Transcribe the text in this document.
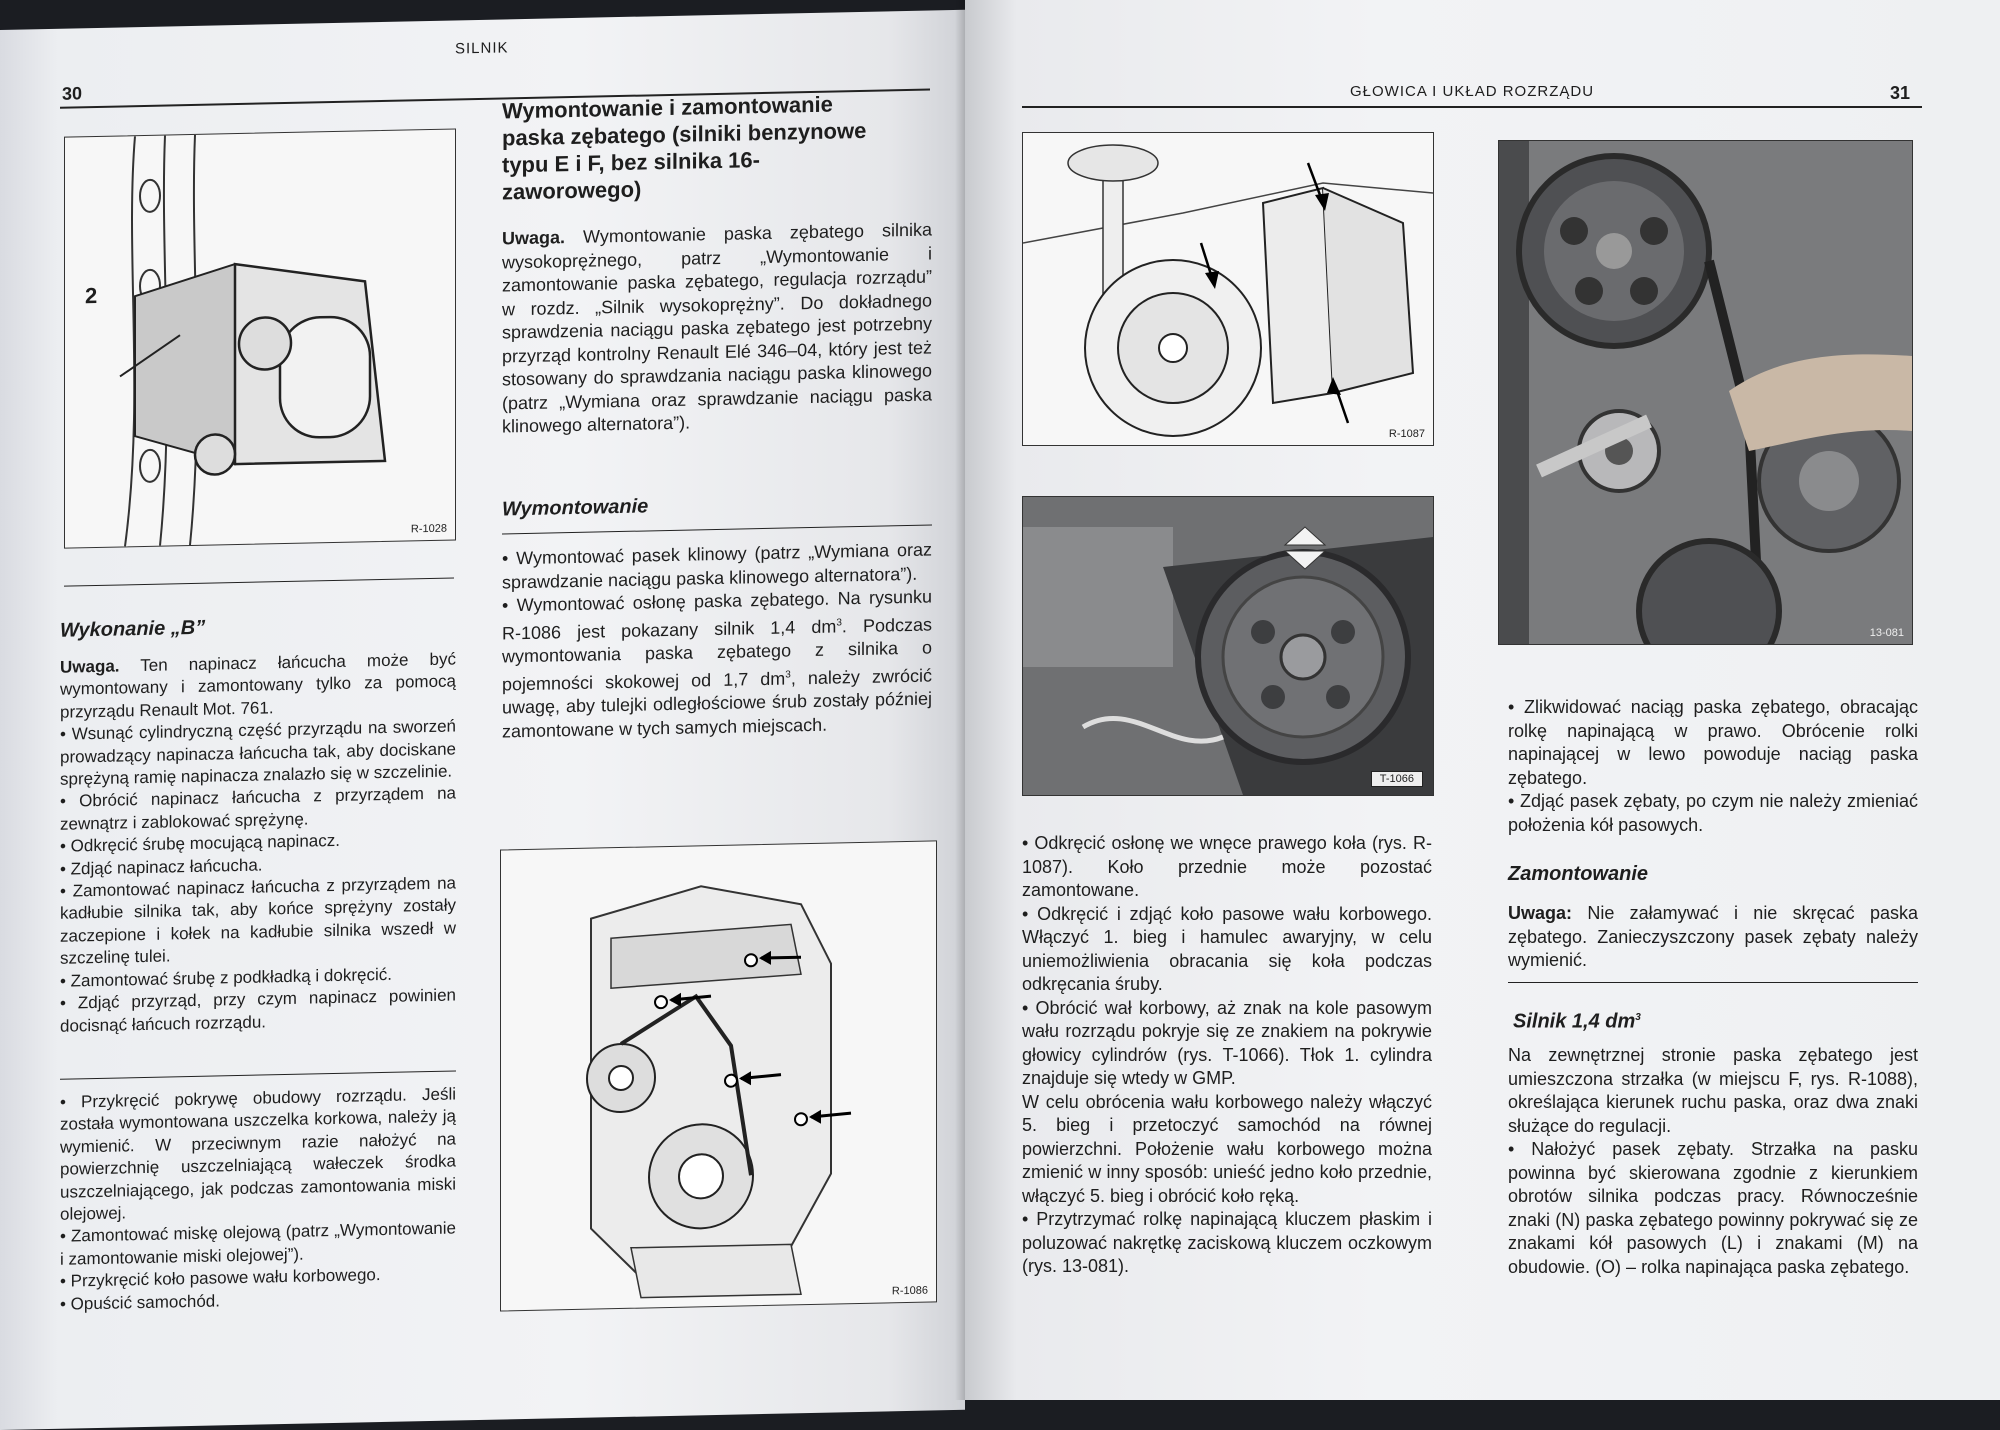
SILNIK
30
2
R-1028
Wykonanie „B”

Uwaga. Ten napinacz łańcucha może być wymontowany i zamontowany tylko za pomocą przyrządu Renault Mot. 761.

• Wsunąć cylindryczną część przyrządu na sworzeń prowadzący napinacza łańcucha tak, aby dociskane sprężyną ramię napinacza znalazło się w szczelinie.

• Obrócić napinacz łańcucha z przyrządem na zewnątrz i zablokować sprężynę.

• Odkręcić śrubę mocującą napinacz.

• Zdjąć napinacz łańcucha.

• Zamontować napinacz łańcucha z przyrządem na kadłubie silnika tak, aby końce sprężyny zostały zaczepione i kołek na kadłubie silnika wszedł w szczelinę tulei.

• Zamontować śrubę z podkładką i dokręcić.

• Zdjąć przyrząd, przy czym napinacz powinien docisnąć łańcuch rozrządu.

• Przykręcić pokrywę obudowy rozrządu. Jeśli została wymontowana uszczelka korkowa, należy ją wymienić. W przeciwnym razie nałożyć na powierzchnię uszczelniającą wałeczek środka uszczelniającego, jak podczas zamontowania miski olejowej.

• Zamontować miskę olejową (patrz „Wymontowanie i zamontowanie miski olejowej”).

• Przykręcić koło pasowe wału korbowego.

• Opuścić samochód.

Wymontowanie i zamontowanie paska zębatego (silniki benzynowe typu E i F, bez silnika 16-zaworowego)

Uwaga. Wymontowanie paska zębatego silnika wysokoprężnego, patrz „Wymontowanie i zamontowanie paska zębatego, regulacja rozrządu” w rozdz. „Silnik wysokoprężny”. Do dokładnego sprawdzenia naciągu paska zębatego jest potrzebny przyrząd kontrolny Renault Elé 346–04, który jest też stosowany do sprawdzania naciągu paska klinowego (patrz „Wymiana oraz sprawdzanie naciągu paska klinowego alternatora”).

Wymontowanie

• Wymontować pasek klinowy (patrz „Wymiana oraz sprawdzanie naciągu paska klinowego alternatora”).

• Wymontować osłonę paska zębatego. Na rysunku R-1086 jest pokazany silnik 1,4 $dm^3$. Podczas wymontowania paska zębatego z silnika o pojemności skokowej od 1,7 $dm^3$, należy zwrócić uwagę, aby tulejki odległościowe śrub zostały później zamontowane w tych samych miejscach.

R-1086
GŁOWICA I UKŁAD ROZRZĄDU	31
R-1087
T-1066

• Odkręcić osłonę we wnęce prawego koła (rys. R-1087). Koło przednie może pozostać zamontowane.

• Odkręcić i zdjąć koło pasowe wału korbowego. Włączyć 1. bieg i hamulec awaryjny, w celu uniemożliwienia obracania się koła podczas odkręcania śruby.

• Obrócić wał korbowy, aż znak na kole pasowym wału rozrządu pokryje się ze znakiem na pokrywie głowicy cylindrów (rys. T-1066). Tłok 1. cylindra znajduje się wtedy w GMP.

W celu obrócenia wału korbowego należy włączyć 5. bieg i przetoczyć samochód na równej powierzchni. Położenie wału korbowego można zmienić w inny sposób: unieść jedno koło przednie, włączyć 5. bieg i obrócić koło ręką.

• Przytrzymać rolkę napinającą kluczem płaskim i poluzować nakrętkę zaciskową kluczem oczkowym (rys. 13-081).

13-081

• Zlikwidować naciąg paska zębatego, obracając rolkę napinającą w prawo. Obrócenie rolki napinającej w lewo powoduje naciąg paska zębatego.

• Zdjąć pasek zębaty, po czym nie należy zmieniać położenia kół pasowych.

Zamontowanie

Uwaga: Nie załamywać i nie skręcać paska zębatego. Zanieczyszczony pasek zębaty należy wymienić.

Silnik 1,4 $dm^3$

Na zewnętrznej stronie paska zębatego jest umieszczona strzałka (w miejscu F, rys. R-1088), określająca kierunek ruchu paska, oraz dwa znaki służące do regulacji.

• Nałożyć pasek zębaty. Strzałka na pasku powinna być skierowana zgodnie z kierunkiem obrotów silnika podczas pracy. Równocześnie znaki (N) paska zębatego powinny pokrywać się ze znakami kół pasowych (L) i znakami (M) na obudowie. (O) – rolka napinająca paska zębatego.
